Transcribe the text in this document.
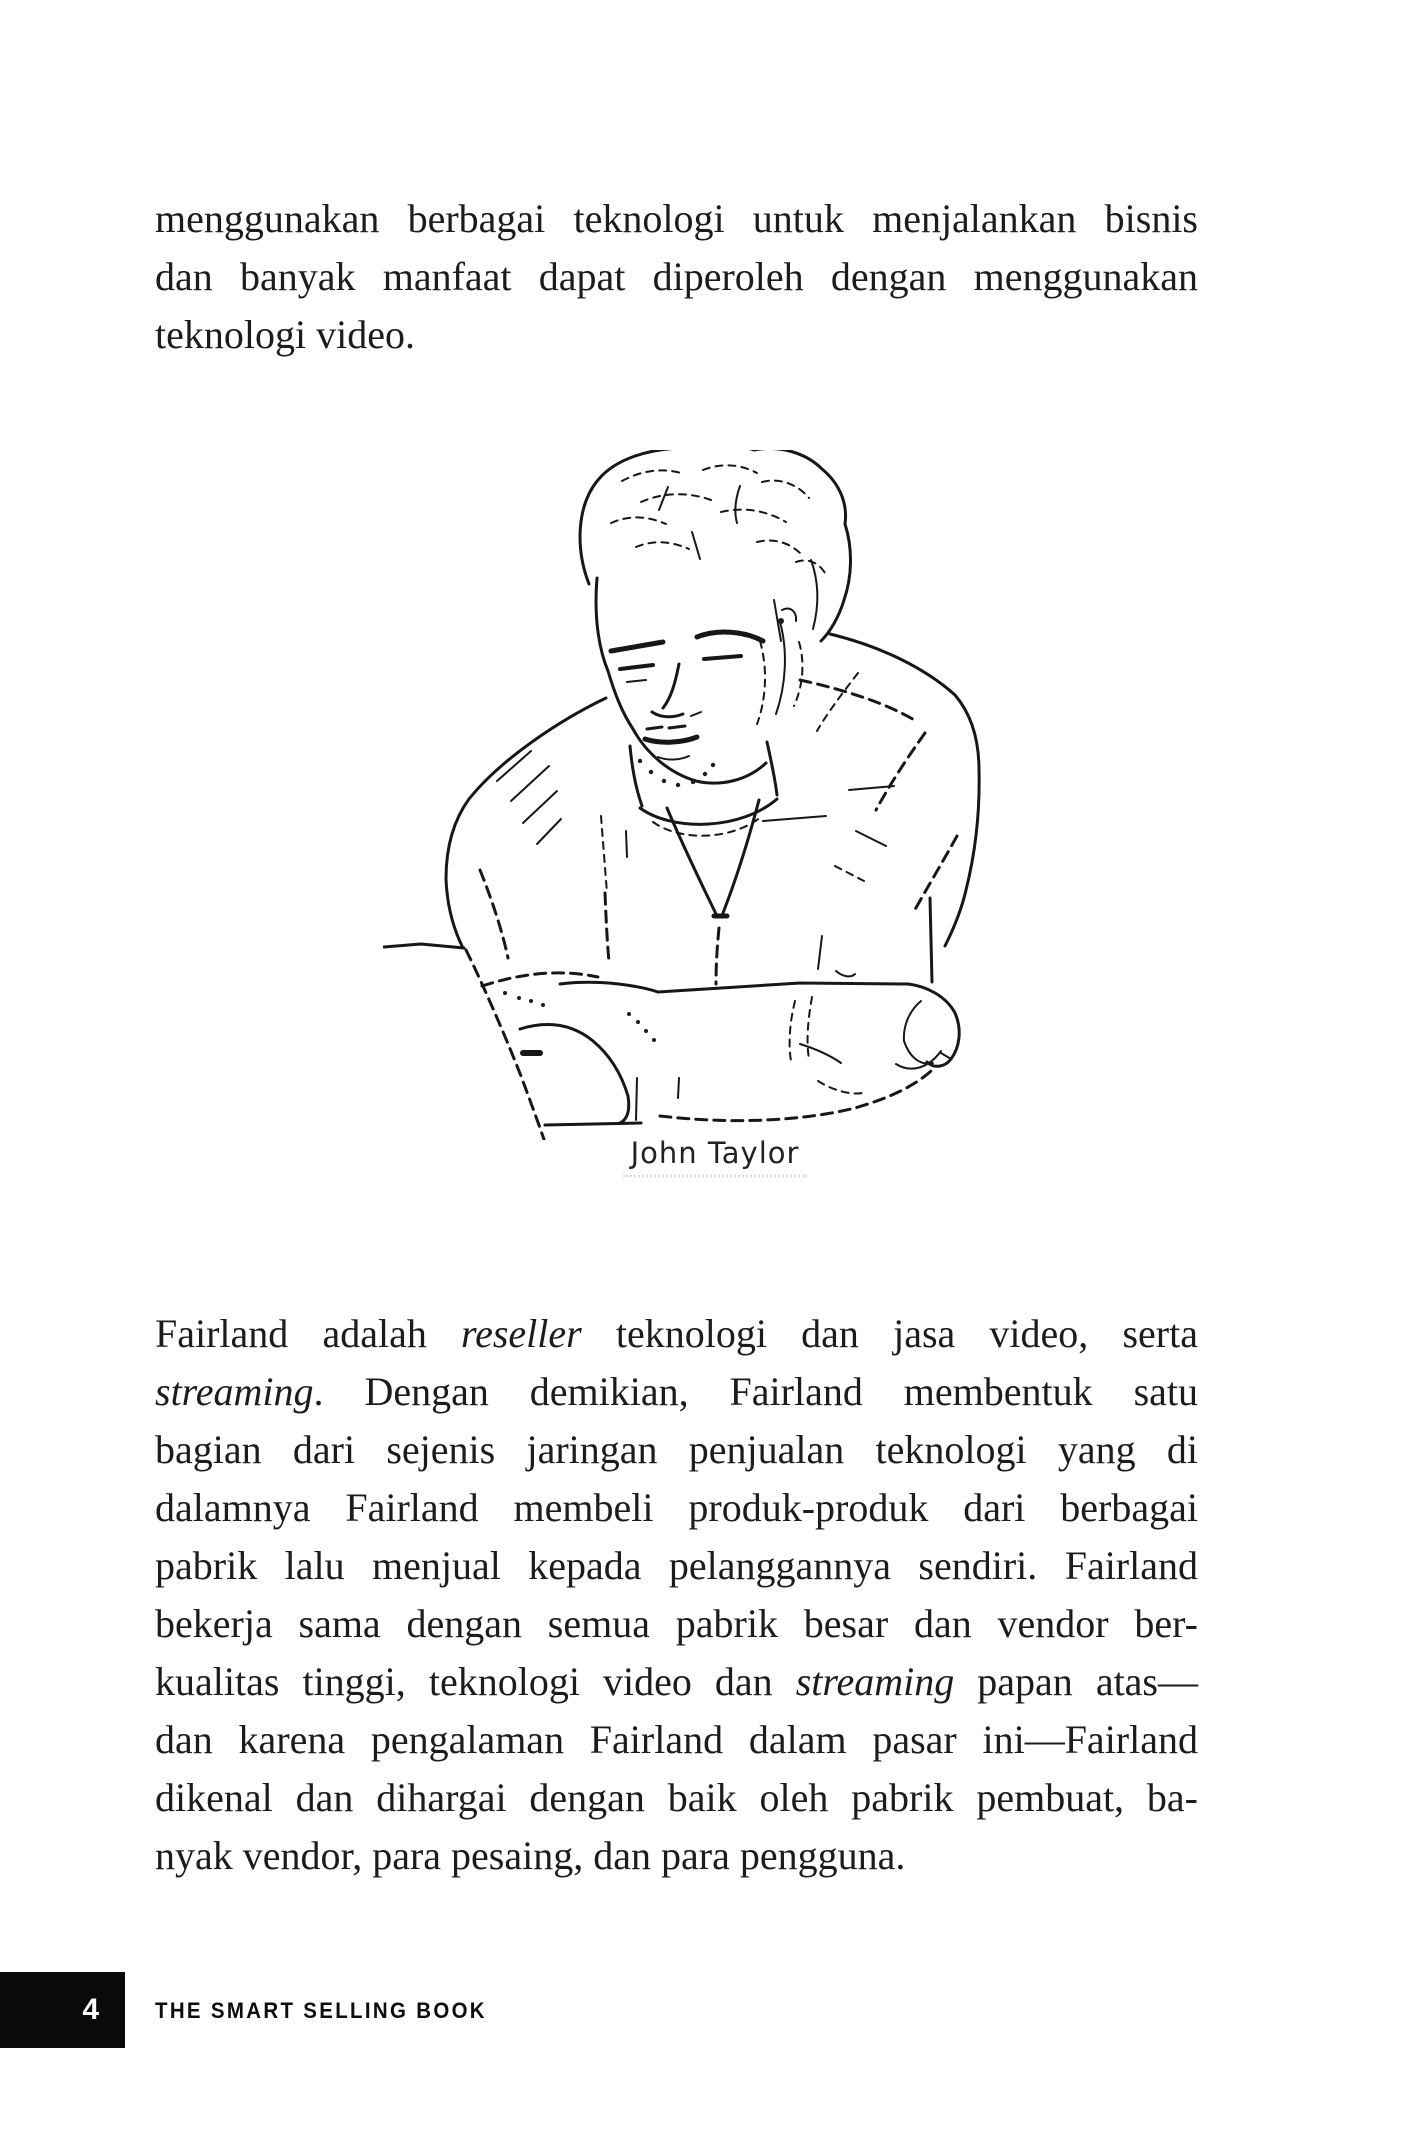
menggunakan berbagai teknologi untuk menjalankan bisnis
dan banyak manfaat dapat diperoleh dengan menggunakan
teknologi video.
John Taylor
Fairland adalah reseller teknologi dan jasa video, serta
streaming. Dengan demikian, Fairland membentuk satu
bagian dari sejenis jaringan penjualan teknologi yang di
dalamnya Fairland membeli produk-produk dari berbagai
pabrik lalu menjual kepada pelanggannya sendiri. Fairland
bekerja sama dengan semua pabrik besar dan vendor ber-
kualitas tinggi, teknologi video dan streaming papan atas—
dan karena pengalaman Fairland dalam pasar ini—Fairland
dikenal dan dihargai dengan baik oleh pabrik pembuat, ba-
nyak vendor, para pesaing, dan para pengguna.
4	THE SMART SELLING BOOK
